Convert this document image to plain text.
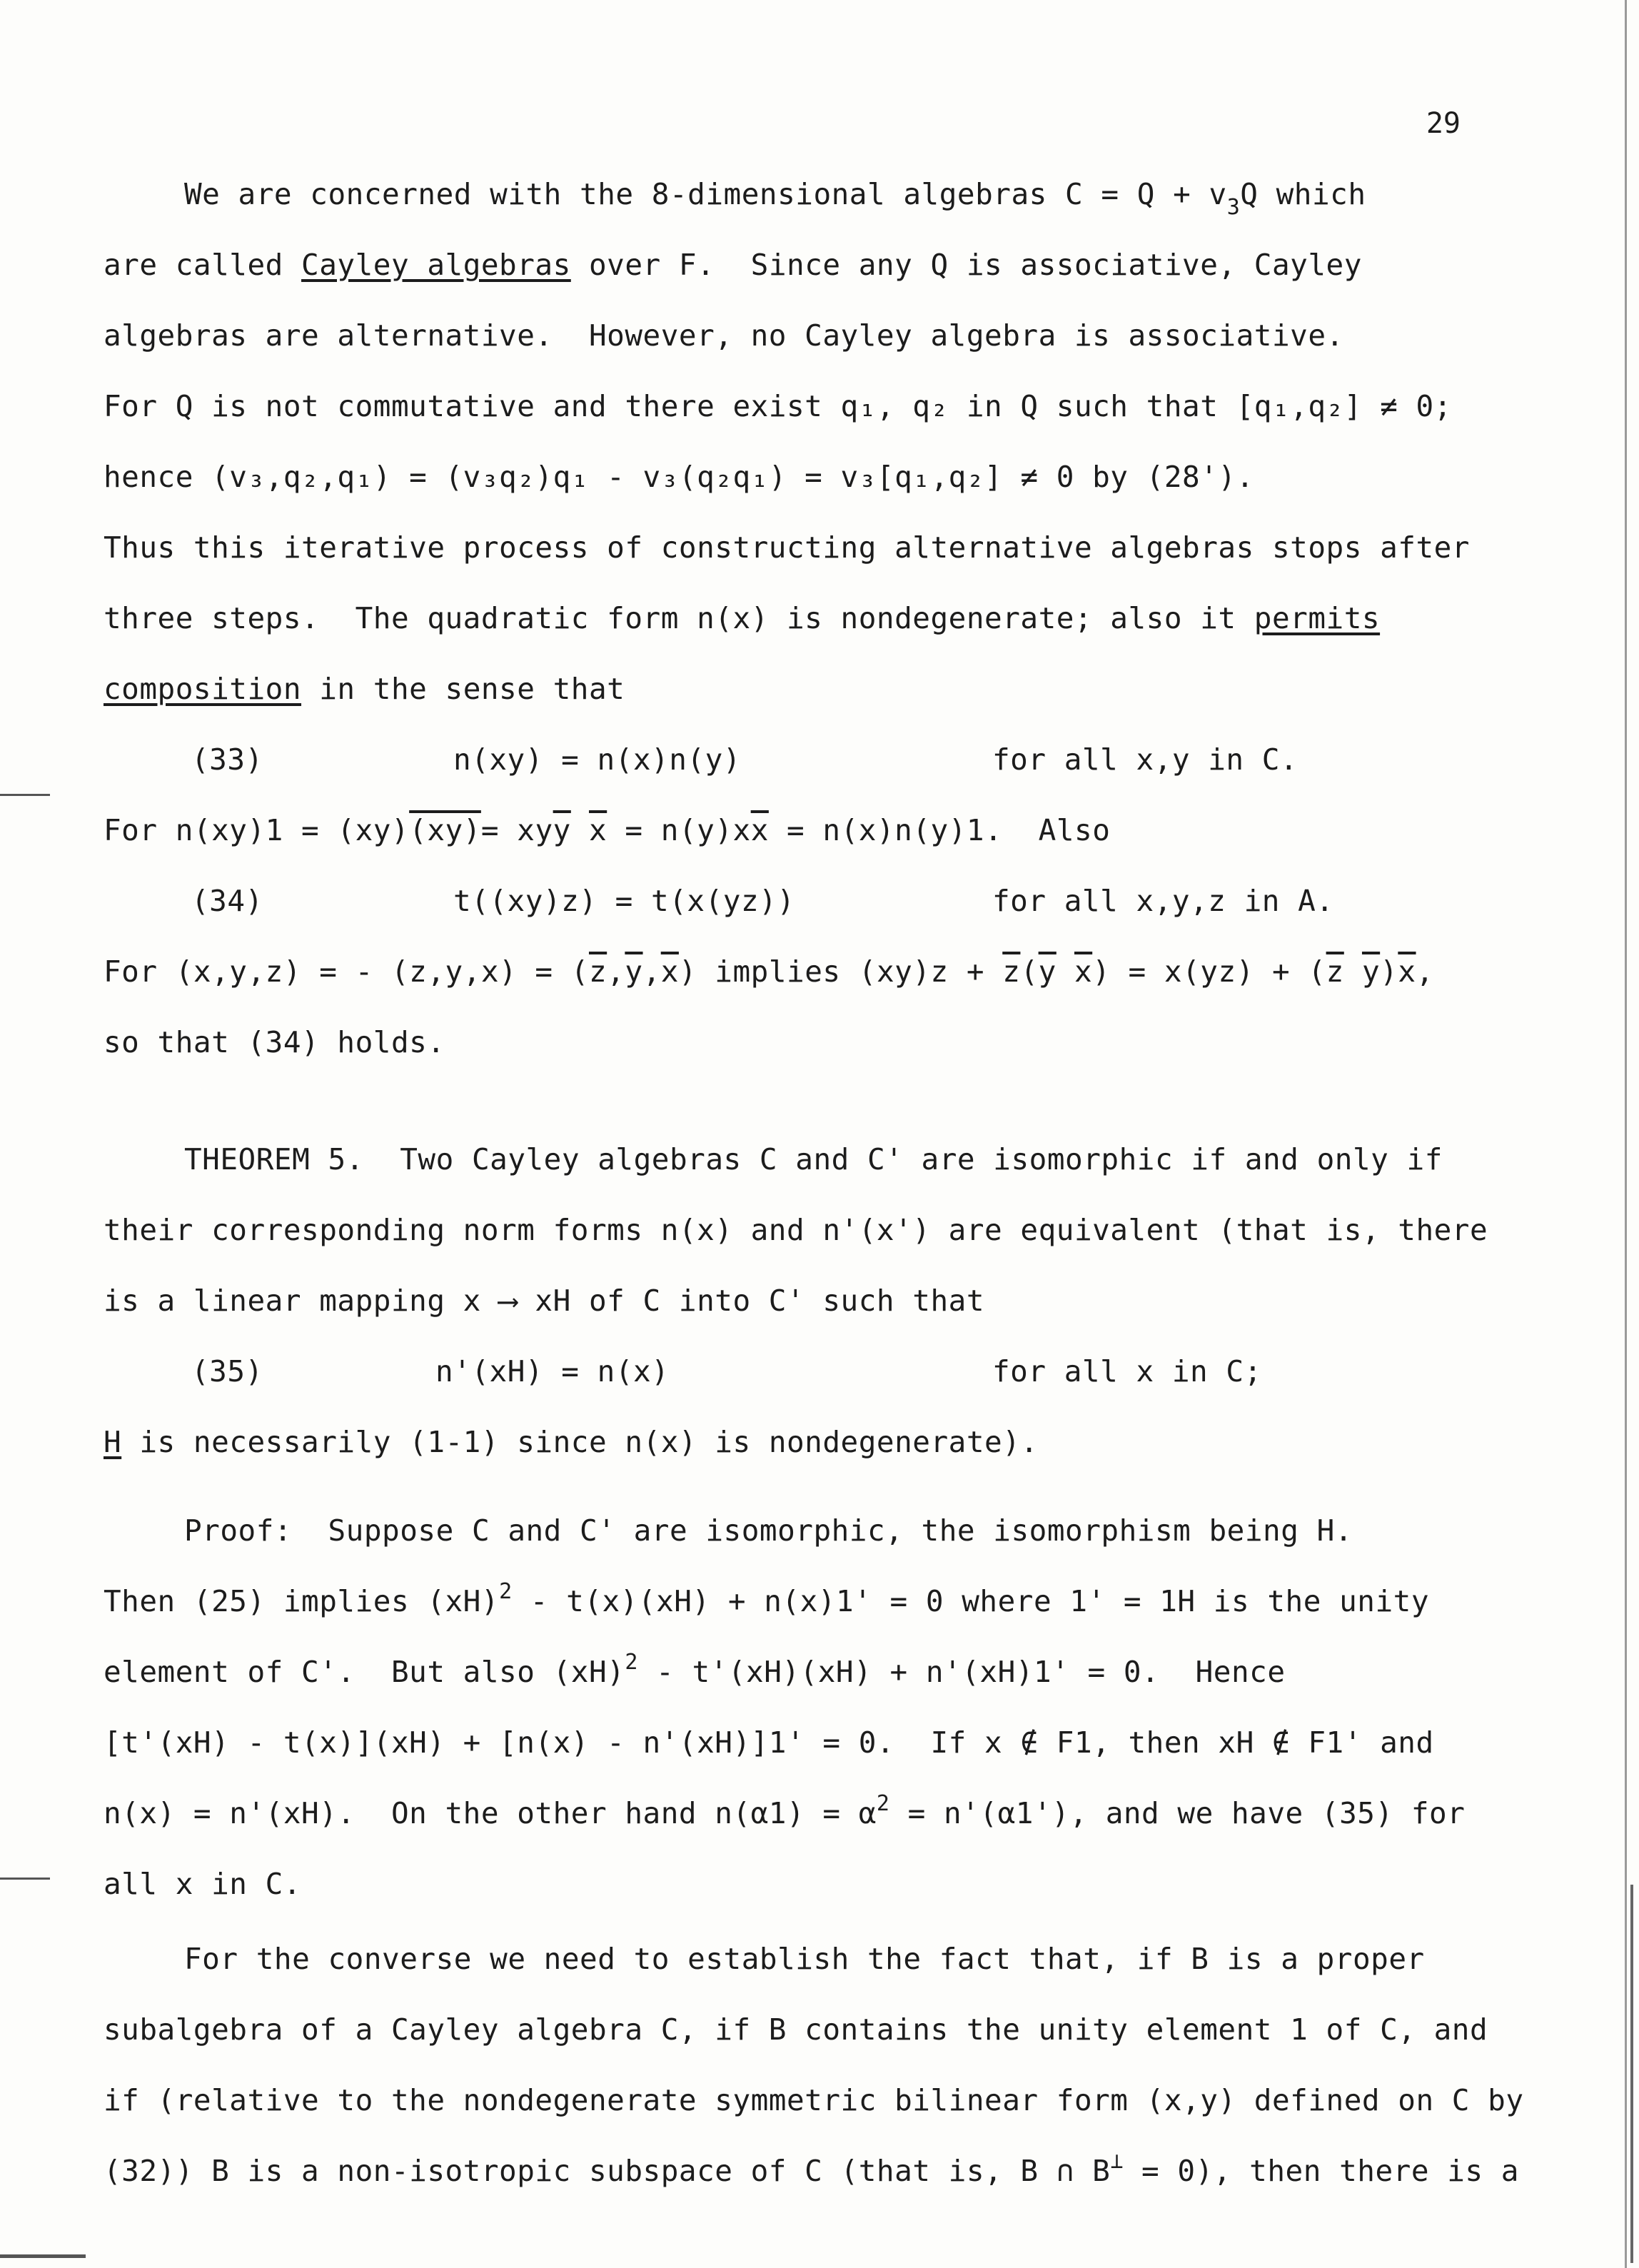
29
We are concerned with the 8-dimensional algebras $C = Q + v_3Q$ which
are called Cayley algebras over F.  Since any Q is associative, Cayley
algebras are alternative.  However, no Cayley algebra is associative.
For Q is not commutative and there exist q₁, q₂ in Q such that [q₁,q₂] ≠ 0;
hence (v₃,q₂,q₁) = (v₃q₂)q₁ - v₃(q₂q₁) = v₃[q₁,q₂] ≠ 0 by (28').
Thus this iterative process of constructing alternative algebras stops after
three steps.  The quadratic form n(x) is nondegenerate; also it permits
composition in the sense that
(33)	n(xy) = n(x)n(y)	for all x,y in C.
For $n(xy)1 = (xy)(xy)= xy\overline{y}$ $\overline{x} = n(y)x\overline{x} = n(x)n(y)1$.  Also
(34)	t((xy)z) = t(x(yz))	for all x,y,z in A.
For (x,y,z) = - $(z,y,x) = (\overline{z},\overline{y},\overline{x})$ implies $(xy)z + \overline{z}(\overline{y}$ $\overline{x}) = x(yz) + (\overline{z}$ $\overline{y})\overline{x}$,
so that (34) holds.
THEOREM 5.  Two Cayley algebras C and C' are isomorphic if and only if
their corresponding norm forms n(x) and n'(x') are equivalent (that is, there
is a linear mapping x ⟶ xH of C into C' such that
(35)	n'(xH) = n(x)	for all x in C;
H is necessarily (1-1) since n(x) is nondegenerate).
Proof:  Suppose C and C' are isomorphic, the isomorphism being H.
Then (25) implies (xH)$^2$ - t(x)(xH) + n(x)1' = 0 where 1' = 1H is the unity
element of C'.  But also (xH)$^2$ - t'(xH)(xH) + n'(xH)1' = 0.  Hence
[t'(xH) - t(x)](xH) + [n(x) - n'(xH)]1' = 0.  If x ∉ F1, then xH ∉ F1' and
n(x) = n'(xH).  On the other hand $n(\alpha 1) = \alpha^2 = n'(\alpha 1')$, and we have (35) for
all x in C.
For the converse we need to establish the fact that, if B is a proper
subalgebra of a Cayley algebra C, if B contains the unity element 1 of C, and
if (relative to the nondegenerate symmetric bilinear form (x,y) defined on C by
(32)) B is a non-isotropic subspace of C (that is, B ∩ B⊥ = 0), then there is a
